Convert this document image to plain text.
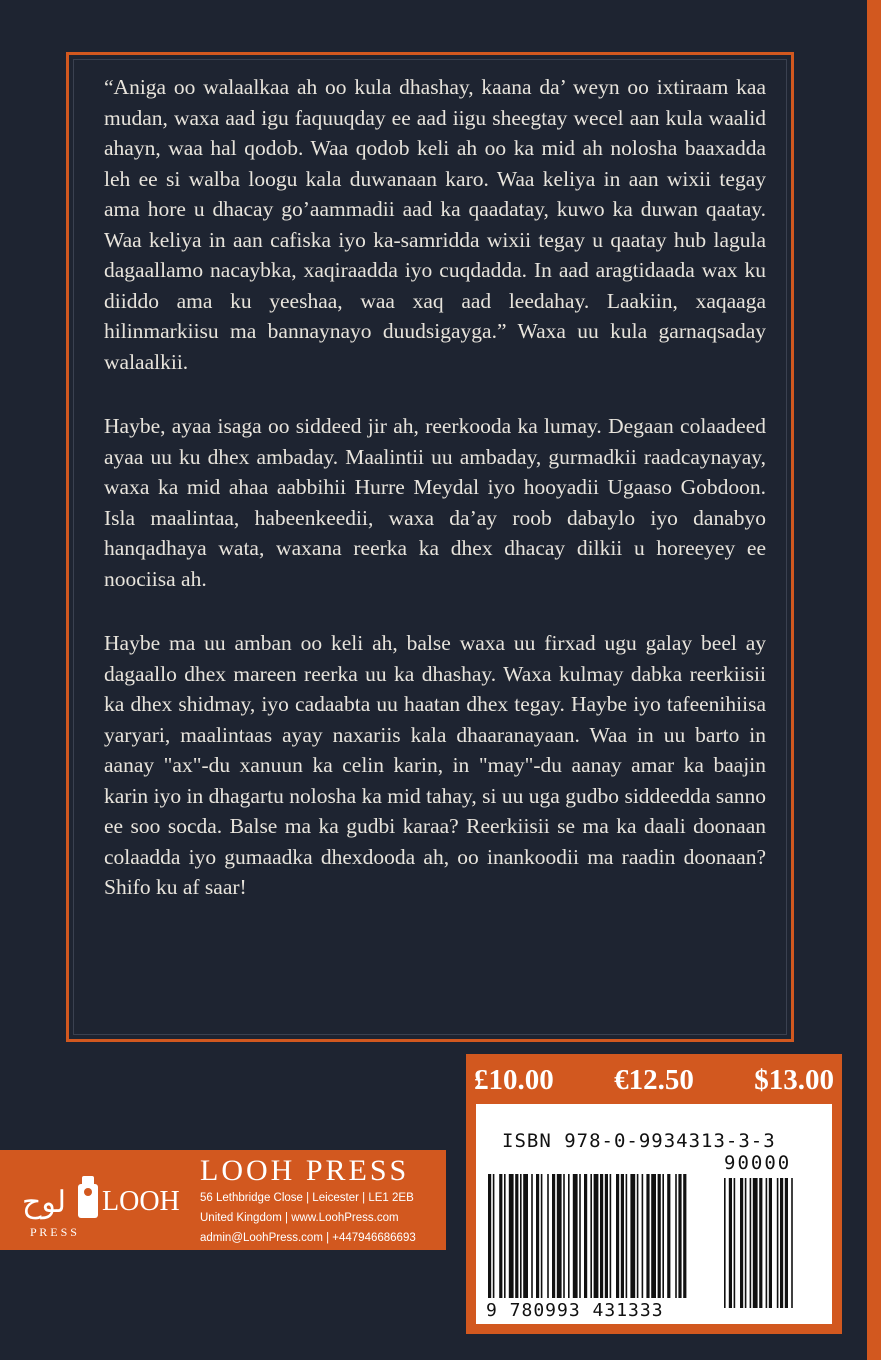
“Aniga oo walaalkaa ah oo kula dhashay, kaana da’ weyn oo ixtiraam kaa mudan, waxa aad igu faquuqday ee aad iigu sheegtay wecel aan kula waalid ahayn, waa hal qodob. Waa qodob keli ah oo ka mid ah nolosha baaxadda leh ee si walba loogu kala duwanaan karo. Waa keliya in aan wixii tegay ama hore u dhacay go’aammadii aad ka qaadatay, kuwo ka duwan qaatay. Waa keliya in aan cafiska iyo ka-samridda wixii tegay u qaatay hub lagula dagaallamo nacaybka, xaqiraadda iyo cuqdadda. In aad aragtidaada wax ku diiddo ama ku yeeshaa, waa xaq aad leedahay. Laakiin, xaqaaga hilinmarkiisu ma bannaynayo duudsigayga.” Waxa uu kula garnaqsaday walaalkii.

Haybe, ayaa isaga oo siddeed jir ah, reerkooda ka lumay. Degaan colaadeed ayaa uu ku dhex ambaday. Maalintii uu ambaday, gurmadkii raadcaynayay, waxa ka mid ahaa aabbihii Hurre Meydal iyo hooyadii Ugaaso Gobdoon. Isla maalintaa, habeenkeedii, waxa da’ay roob dabaylo iyo danabyo hanqadhaya wata, waxana reerka ka dhex dhacay dilkii u horeeyey ee noociisa ah.

Haybe ma uu amban oo keli ah, balse waxa uu firxad ugu galay beel ay dagaallo dhex mareen reerka uu ka dhashay. Waxa kulmay dabka reerkiisii ka dhex shidmay, iyo cadaabta uu haatan dhex tegay. Haybe iyo tafeenihiisa yaryari, maalintaas ayay naxariis kala dhaaranayaan. Waa in uu barto in aanay "ax"-du xanuun ka celin karin, in "may"-du aanay amar ka baajin karin iyo in dhagartu nolosha ka mid tahay, si uu uga gudbo siddeedda sanno ee soo socda. Balse ma ka gudbi karaa? Reerkiisii se ma ka daali doonaan colaadda iyo gumaadka dhexdooda ah, oo inankoodii ma raadin doonaan? Shifo ku af saar!

لوح LOOH
P R E S S
LOOH PRESS
56 Lethbridge Close | Leicester | LE1 2EB
United Kingdom | www.LoohPress.com
admin@LoohPress.com | +447946686693
£10.00 €12.50 $13.00
ISBN 978-0-9934313-3-3
90000
9 780993 431333
